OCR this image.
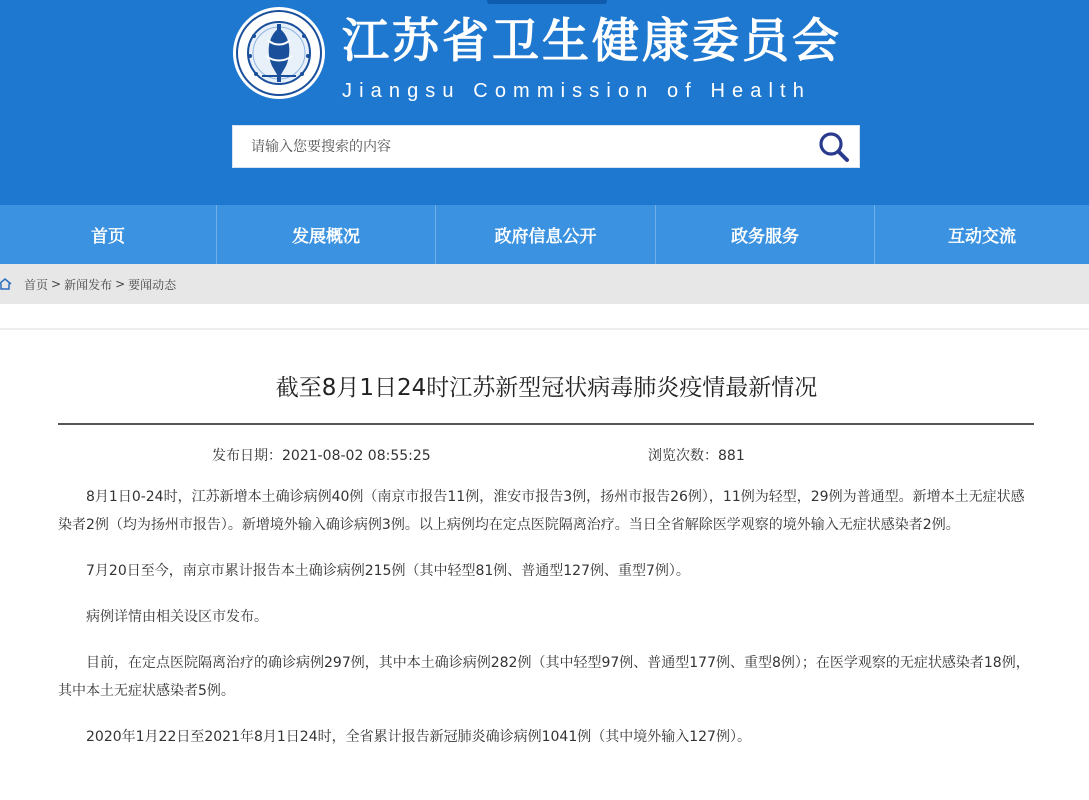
江苏省卫生健康委员会
Jiangsu Commission of Health
请输入您要搜索的内容
首页	发展概况	政府信息公开	政务服务	互动交流
首页 > 新闻发布 > 要闻动态
截至8月1日24时江苏新型冠状病毒肺炎疫情最新情况
发布日期：2021-08-02 08:55:25	浏览次数：881

8月1日0-24时，江苏新增本土确诊病例40例（南京市报告11例，淮安市报告3例，扬州市报告26例），11例为轻型，29例为普通型。新增本土无症状感染者2例（均为扬州市报告）。新增境外输入确诊病例3例。以上病例均在定点医院隔离治疗。当日全省解除医学观察的境外输入无症状感染者2例。

7月20日至今，南京市累计报告本土确诊病例215例（其中轻型81例、普通型127例、重型7例）。

病例详情由相关设区市发布。

目前，在定点医院隔离治疗的确诊病例297例，其中本土确诊病例282例（其中轻型97例、普通型177例、重型8例）；在医学观察的无症状感染者18例，其中本土无症状感染者5例。

2020年1月22日至2021年8月1日24时，全省累计报告新冠肺炎确诊病例1041例（其中境外输入127例）。
